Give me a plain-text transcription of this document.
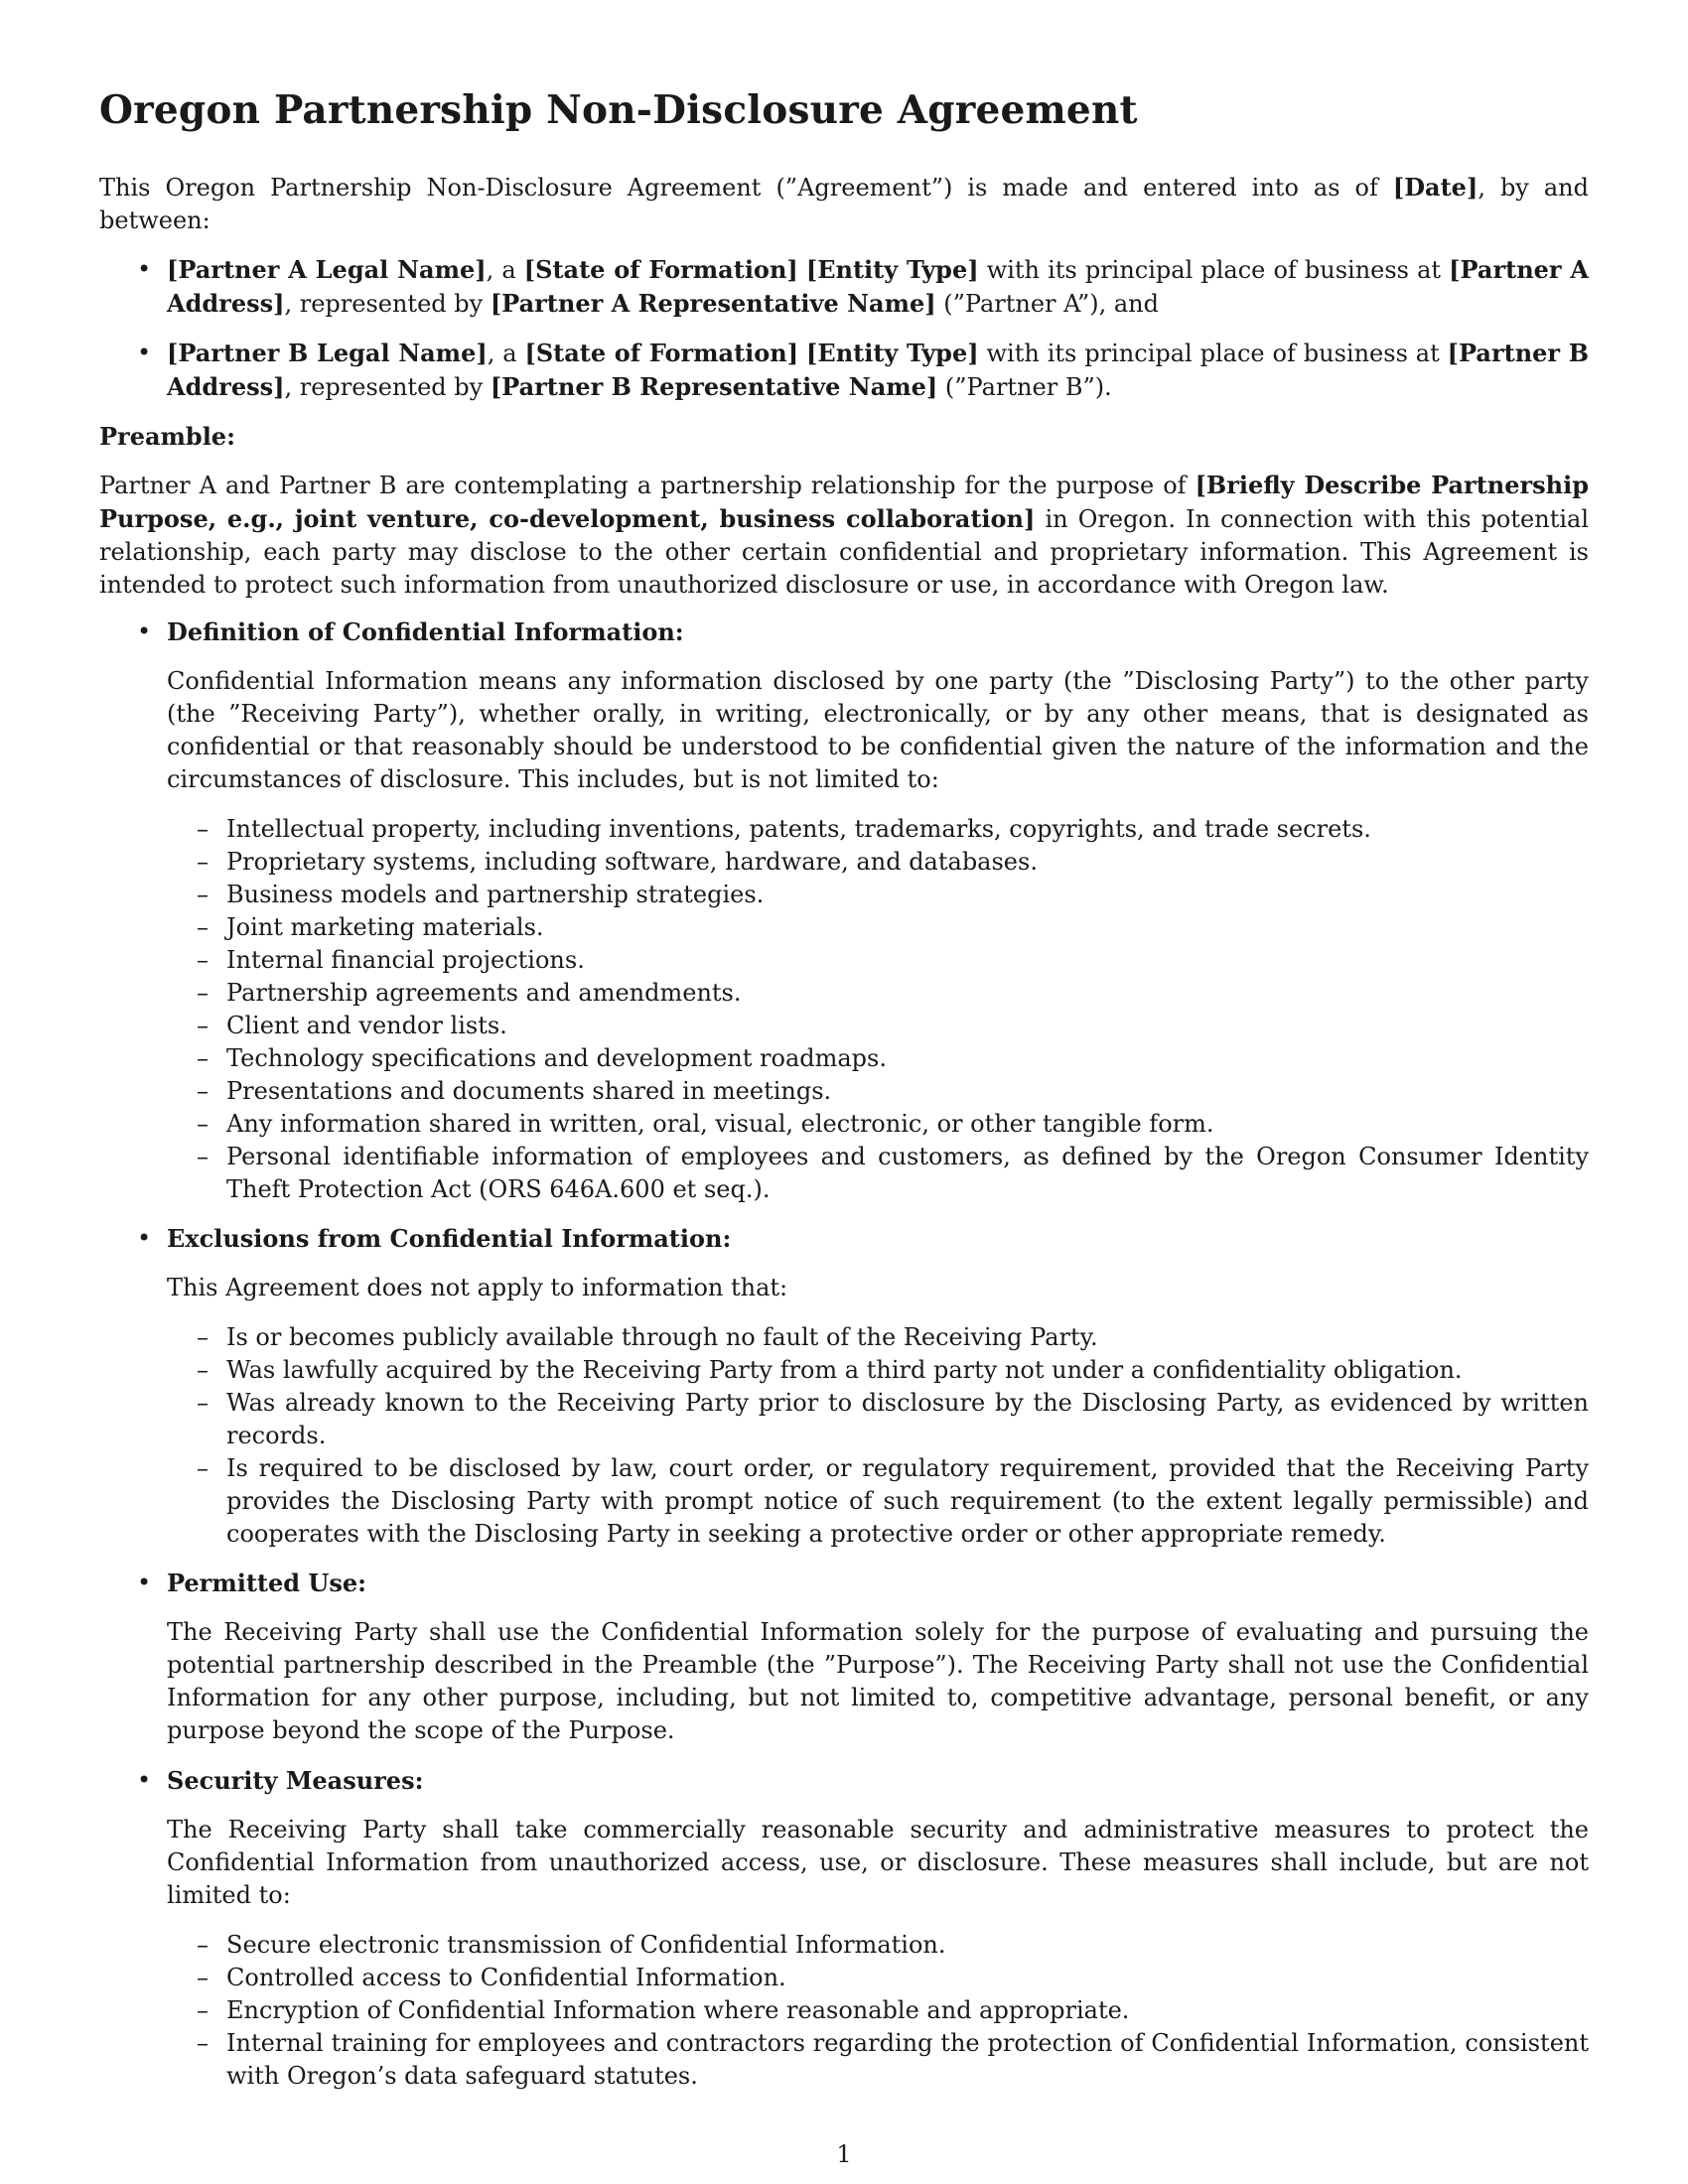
Oregon Partnership Non-Disclosure Agreement

This Oregon Partnership Non-Disclosure Agreement (”Agreement”) is made and entered into as of [Date], by and between:

• [Partner A Legal Name], a [State of Formation] [Entity Type] with its principal place of business at [Partner A Address], represented by [Partner A Representative Name] (”Partner A”), and
• [Partner B Legal Name], a [State of Formation] [Entity Type] with its principal place of business at [Partner B Address], represented by [Partner B Representative Name] (”Partner B”).

Preamble:

Partner A and Partner B are contemplating a partnership relationship for the purpose of [Briefly Describe Partnership Purpose, e.g., joint venture, co-development, business collaboration] in Oregon. In connection with this potential relationship, each party may disclose to the other certain confidential and proprietary information. This Agreement is intended to protect such information from unauthorized disclosure or use, in accordance with Oregon law.

• Definition of Confidential Information:

Confidential Information means any information disclosed by one party (the ”Disclosing Party”) to the other party (the ”Receiving Party”), whether orally, in writing, electronically, or by any other means, that is designated as confidential or that reasonably should be understood to be confidential given the nature of the information and the circumstances of disclosure. This includes, but is not limited to:

– Intellectual property, including inventions, patents, trademarks, copyrights, and trade secrets.
– Proprietary systems, including software, hardware, and databases.
– Business models and partnership strategies.
– Joint marketing materials.
– Internal financial projections.
– Partnership agreements and amendments.
– Client and vendor lists.
– Technology specifications and development roadmaps.
– Presentations and documents shared in meetings.
– Any information shared in written, oral, visual, electronic, or other tangible form.
– Personal identifiable information of employees and customers, as defined by the Oregon Consumer Identity Theft Protection Act (ORS 646A.600 et seq.).
• Exclusions from Confidential Information:

This Agreement does not apply to information that:

– Is or becomes publicly available through no fault of the Receiving Party.
– Was lawfully acquired by the Receiving Party from a third party not under a confidentiality obligation.
– Was already known to the Receiving Party prior to disclosure by the Disclosing Party, as evidenced by written records.
– Is required to be disclosed by law, court order, or regulatory requirement, provided that the Receiving Party provides the Disclosing Party with prompt notice of such requirement (to the extent legally permissible) and cooperates with the Disclosing Party in seeking a protective order or other appropriate remedy.
• Permitted Use:

The Receiving Party shall use the Confidential Information solely for the purpose of evaluating and pursuing the potential partnership described in the Preamble (the ”Purpose”). The Receiving Party shall not use the Confidential Information for any other purpose, including, but not limited to, competitive advantage, personal benefit, or any purpose beyond the scope of the Purpose.

• Security Measures:

The Receiving Party shall take commercially reasonable security and administrative measures to protect the Confidential Information from unauthorized access, use, or disclosure. These measures shall include, but are not limited to:

– Secure electronic transmission of Confidential Information.
– Controlled access to Confidential Information.
– Encryption of Confidential Information where reasonable and appropriate.
– Internal training for employees and contractors regarding the protection of Confidential Information, consistent with Oregon’s data safeguard statutes.
1
